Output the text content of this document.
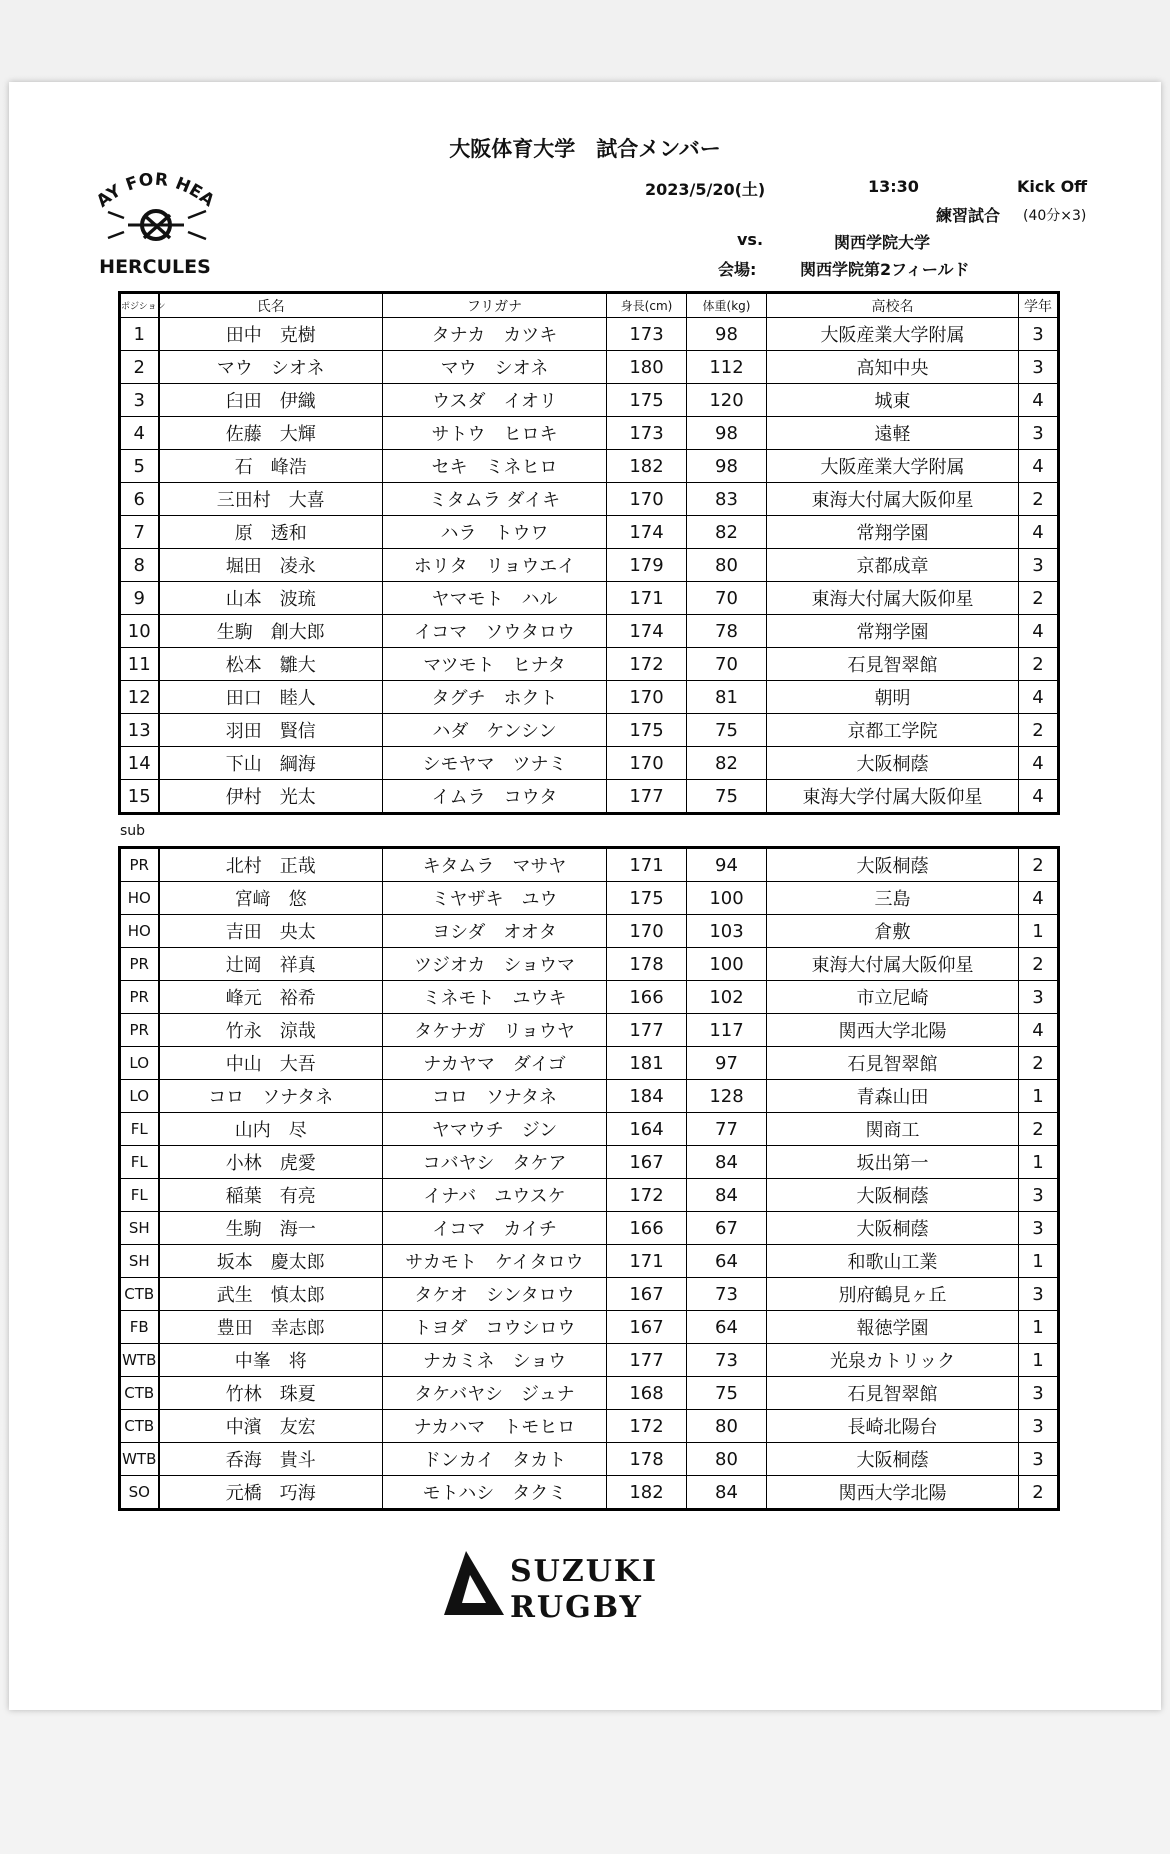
大阪体育大学　試合メンバー
2023/5/20(土)	13:30	Kick Off
練習試合 (40分×3)
vs.	関西学院大学
会場:	関西学院第2フィールド
AY FOR HEA
HERCULES
ポジション	氏名	フリガナ	身長(cm)	体重(kg)	高校名	学年
1	田中　克樹	タナカ　カツキ	173	98	大阪産業大学附属	3
2	マウ　シオネ	マウ　シオネ	180	112	高知中央	3
3	臼田　伊織	ウスダ　イオリ	175	120	城東	4
4	佐藤　大輝	サトウ　ヒロキ	173	98	遠軽	3
5	石　峰浩	セキ　ミネヒロ	182	98	大阪産業大学附属	4
6	三田村　大喜	ミタムラ ダイキ	170	83	東海大付属大阪仰星	2
7	原　透和	ハラ　トウワ	174	82	常翔学園	4
8	堀田　凌永	ホリタ　リョウエイ	179	80	京都成章	3
9	山本　波琉	ヤマモト　ハル	171	70	東海大付属大阪仰星	2
10	生駒　創大郎	イコマ　ソウタロウ	174	78	常翔学園	4
11	松本　雛大	マツモト　ヒナタ	172	70	石見智翠館	2
12	田口　睦人	タグチ　ホクト	170	81	朝明	4
13	羽田　賢信	ハダ　ケンシン	175	75	京都工学院	2
14	下山　綱海	シモヤマ　ツナミ	170	82	大阪桐蔭	4
15	伊村　光太	イムラ　コウタ	177	75	東海大学付属大阪仰星	4
sub
PR	北村　正哉	キタムラ　マサヤ	171	94	大阪桐蔭	2
HO	宮﨑　悠	ミヤザキ　ユウ	175	100	三島	4
HO	吉田　央太	ヨシダ　オオタ	170	103	倉敷	1
PR	辻岡　祥真	ツジオカ　ショウマ	178	100	東海大付属大阪仰星	2
PR	峰元　裕希	ミネモト　ユウキ	166	102	市立尼崎	3
PR	竹永　涼哉	タケナガ　リョウヤ	177	117	関西大学北陽	4
LO	中山　大吾	ナカヤマ　ダイゴ	181	97	石見智翠館	2
LO	コロ　ソナタネ	コロ　ソナタネ	184	128	青森山田	1
FL	山内　尽	ヤマウチ　ジン	164	77	関商工	2
FL	小林　虎愛	コバヤシ　タケア	167	84	坂出第一	1
FL	稲葉　有亮	イナバ　ユウスケ	172	84	大阪桐蔭	3
SH	生駒　海一	イコマ　カイチ	166	67	大阪桐蔭	3
SH	坂本　慶太郎	サカモト　ケイタロウ	171	64	和歌山工業	1
CTB	武生　慎太郎	タケオ　シンタロウ	167	73	別府鶴見ヶ丘	3
FB	豊田　幸志郎	トヨダ　コウシロウ	167	64	報徳学園	1
WTB	中峯　将	ナカミネ　ショウ	177	73	光泉カトリック	1
CTB	竹林　珠夏	タケバヤシ　ジュナ	168	75	石見智翠館	3
CTB	中濱　友宏	ナカハマ　トモヒロ	172	80	長崎北陽台	3
WTB	呑海　貴斗	ドンカイ　タカト	178	80	大阪桐蔭	3
SO	元橋　巧海	モトハシ　タクミ	182	84	関西大学北陽	2
SUZUKI
RUGBY
